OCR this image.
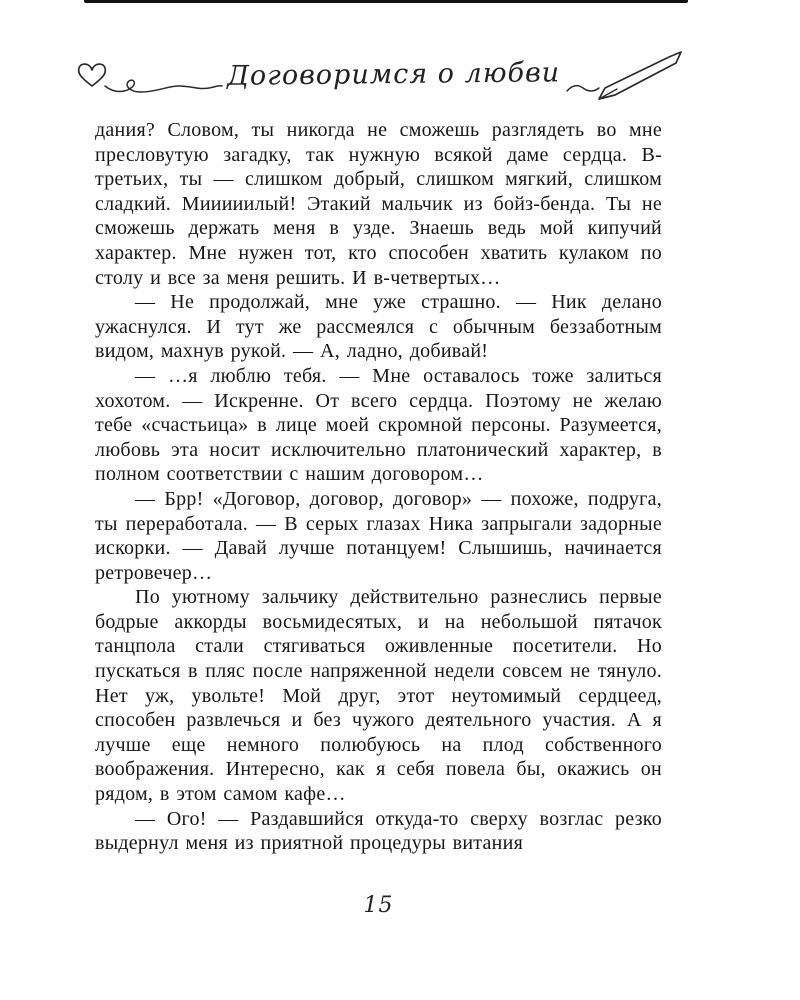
Договоримся о любви

дания? Словом, ты никогда не сможешь разглядеть во мне пресловутую загадку, так нужную всякой даме сердца. В-третьих, ты — слишком добрый, слишком мягкий, слишком сладкий. Мииииилый! Этакий мальчик из бойз-бенда. Ты не сможешь держать меня в узде. Знаешь ведь мой кипучий характер. Мне нужен тот, кто способен хватить кулаком по столу и все за меня решить. И в-четвертых…

— Не продолжай, мне уже страшно. — Ник делано ужаснулся. И тут же рассмеялся с обычным беззаботным видом, махнув рукой. — А, ладно, добивай!

— …я люблю тебя. — Мне оставалось тоже залиться хохотом. — Искренне. От всего сердца. Поэтому не желаю тебе «счастьица» в лице моей скромной персоны. Разумеется, любовь эта носит исключительно платонический характер, в полном соответствии с нашим договором…

— Брр! «Договор, договор, договор» — похоже, подруга, ты переработала. — В серых глазах Ника запрыгали задорные искорки. — Давай лучше потанцуем! Слышишь, начинается ретровечер…

По уютному зальчику действительно разнеслись первые бодрые аккорды восьмидесятых, и на небольшой пятачок танцпола стали стягиваться оживленные посетители. Но пускаться в пляс после напряженной недели совсем не тянуло. Нет уж, увольте! Мой друг, этот неутомимый сердцеед, способен развлечься и без чужого деятельного участия. А я лучше еще немного полюбуюсь на плод собственного воображения. Интересно, как я себя повела бы, окажись он рядом, в этом самом кафе…

— Ого! — Раздавшийся откуда-то сверху возглас резко выдернул меня из приятной процедуры витания

15
